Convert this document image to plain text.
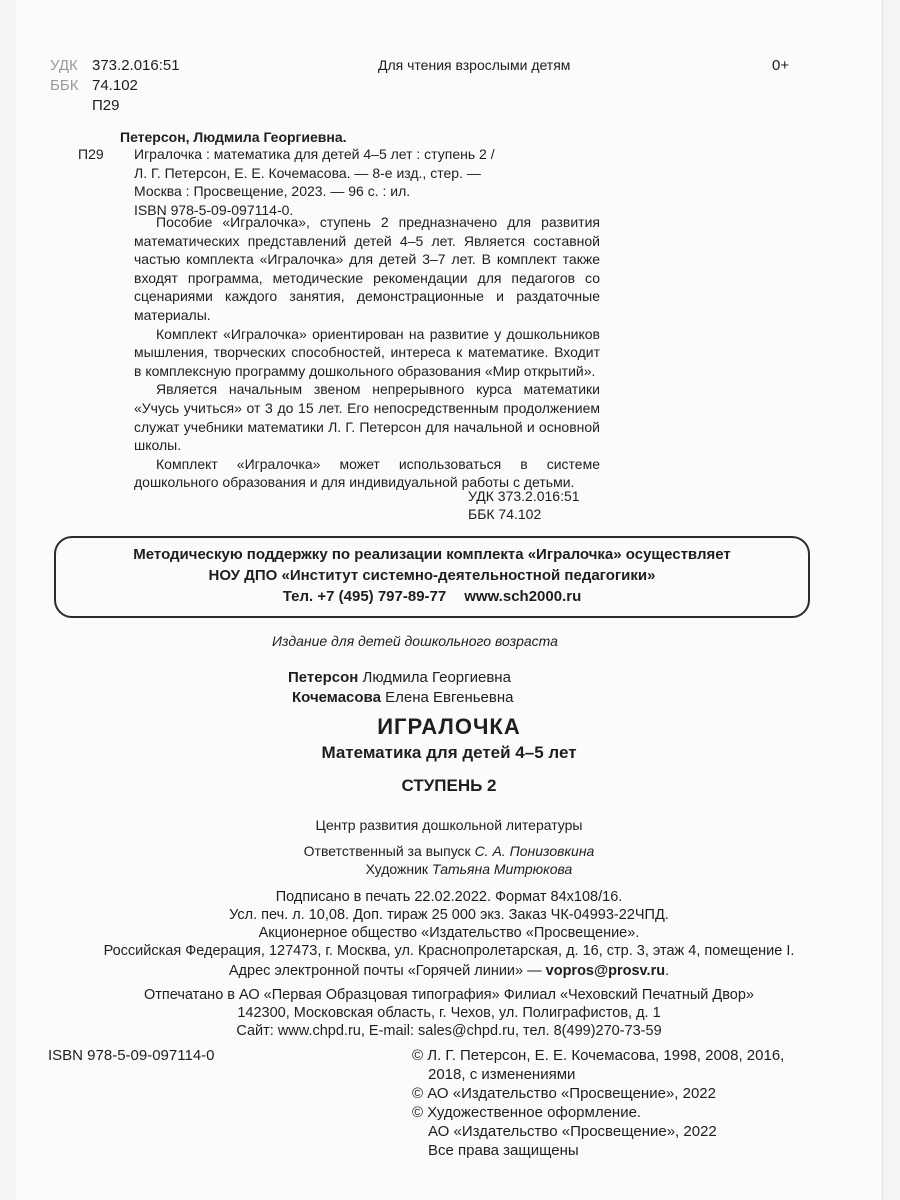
УДК 373.2.016:51
ББК 74.102
П29
Для чтения взрослыми детям	0+
Петерсон, Людмила Георгиевна.
П29 Игралочка : математика для детей 4–5 лет : ступень 2 /

Л. Г. Петерсон, Е. Е. Кочемасова. — 8-е изд., стер. —

Москва : Просвещение, 2023. — 96 с. : ил.

ISBN 978-5-09-097114-0.

Пособие «Игралочка», ступень 2 предназначено для развития математических представлений детей 4–5 лет. Является составной частью комплекта «Игралочка» для детей 3–7 лет. В комплект также входят программа, методические рекомендации для педагогов со сценариями каждого занятия, демонстрационные и раздаточные материалы.

Комплект «Игралочка» ориентирован на развитие у дошкольников мышления, творческих способностей, интереса к математике. Входит в комплексную программу дошкольного образования «Мир открытий».

Является начальным звеном непрерывного курса математики «Учусь учиться» от 3 до 15 лет. Его непосредственным продолжением служат учебники математики Л. Г. Петерсон для начальной и основной школы.

Комплект «Игралочка» может использоваться в системе дошкольного образования и для индивидуальной работы с детьми.

УДК 373.2.016:51
ББК 74.102
Методическую поддержку по реализации комплекта «Игралочка» осуществляет
НОУ ДПО «Институт системно-деятельностной педагогики»
Тел. +7 (495) 797-89-77 www.sch2000.ru
Издание для детей дошкольного возраста
Петерсон Людмила Георгиевна
Кочемасова Елена Евгеньевна
ИГРАЛОЧКА
Математика для детей 4–5 лет
СТУПЕНЬ 2
Центр развития дошкольной литературы
Ответственный за выпуск С. А. Понизовкина
Художник Татьяна Митрюкова
Подписано в печать 22.02.2022. Формат 84x108/16.
Усл. печ. л. 10,08. Доп. тираж 25 000 экз. Заказ ЧК-04993-22ЧПД.
Акционерное общество «Издательство «Просвещение».
Российская Федерация, 127473, г. Москва, ул. Краснопролетарская, д. 16, стр. 3, этаж 4, помещение I.
Адрес электронной почты «Горячей линии» — vopros@prosv.ru.
Отпечатано в АО «Первая Образцовая типография» Филиал «Чеховский Печатный Двор»
142300, Московская область, г. Чехов, ул. Полиграфистов, д. 1
Сайт: www.chpd.ru, E-mail: sales@chpd.ru, тел. 8(499)270-73-59
ISBN 978-5-09-097114-0	© Л. Г. Петерсон, Е. Е. Кочемасова, 1998, 2008, 2016,
2018, с изменениями
© АО «Издательство «Просвещение», 2022
© Художественное оформление.
АО «Издательство «Просвещение», 2022
Все права защищены
